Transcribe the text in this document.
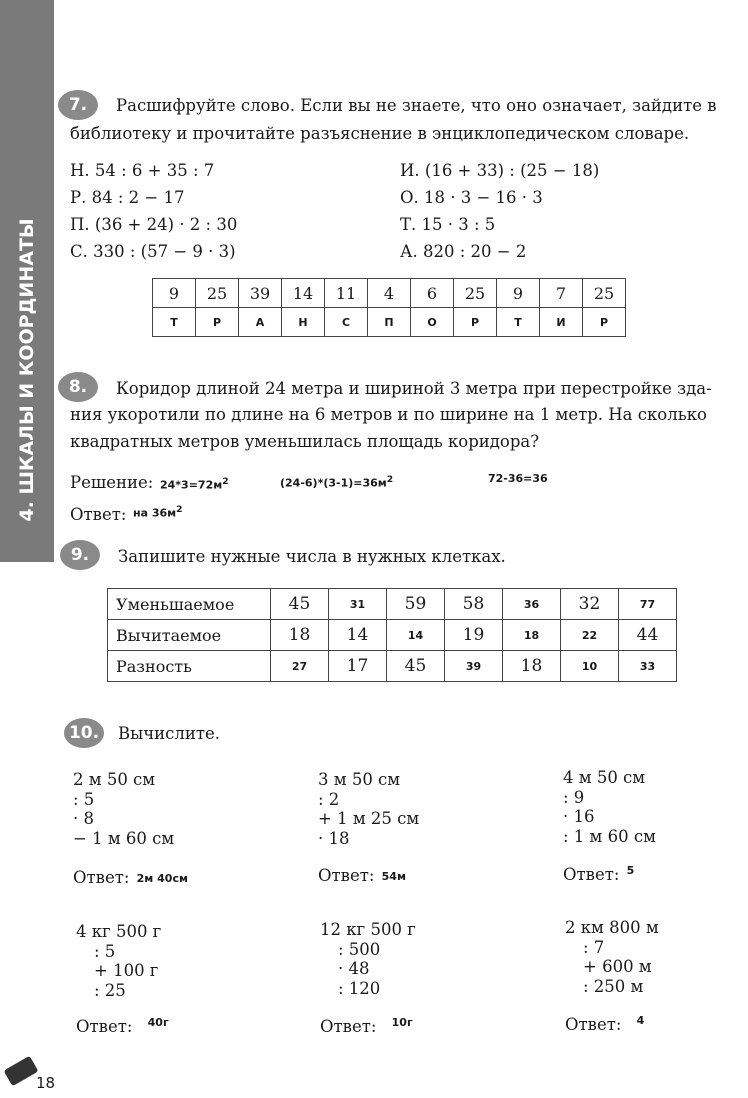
4. ШКАЛЫ И КООРДИНАТЫ
7.	Расшифруйте слово. Если вы не знаете, что оно означает, зайдите в
библиотеку и прочитайте разъяснение в энциклопедическом словаре.
Н. 54 : 6 + 35 : 7
Р. 84 : 2 − 17
П. (36 + 24) · 2 : 30
С. 330 : (57 − 9 · 3)
И. (16 + 33) : (25 − 18)
О. 18 · 3 − 16 · 3
Т. 15 · 3 : 5
А. 820 : 20 − 2
9	25	39	14	11	4	6	25	9	7	25
Т	Р	А	Н	С	П	О	Р	Т	И	Р
8.	Коридор длиной 24 метра и шириной 3 метра при перестройке зда-
ния укоротили по длине на 6 метров и по ширине на 1 метр. На сколько
квадратных метров уменьшилась площадь коридора?
Решение: $24*3=72м^2$	$(24-6)*(3-1)=36м^2$	72-36=36
Ответ: на $36м^2$
9.	Запишите нужные числа в нужных клетках.
Уменьшаемое	45	31	59	58	36	32	77
Вычитаемое	18	14	14	19	18	22	44
Разность	27	17	45	39	18	10	33
10. Вычислите.
2 м 50 см
: 5
· 8
− 1 м 60 см
Ответ: 2м 40см
3 м 50 см
: 2
+ 1 м 25 см
· 18
Ответ: 54м
4 м 50 см
: 9
· 16
: 1 м 60 см
Ответ: $^5$
4 кг 500 г
: 5
+ 100 г
: 25
Ответ: $^{40г}$
12 кг 500 г
: 500
· 48
: 120
Ответ: $^{10г}$
2 км 800 м
: 7
+ 600 м
: 250 м
Ответ: $^4$
18
